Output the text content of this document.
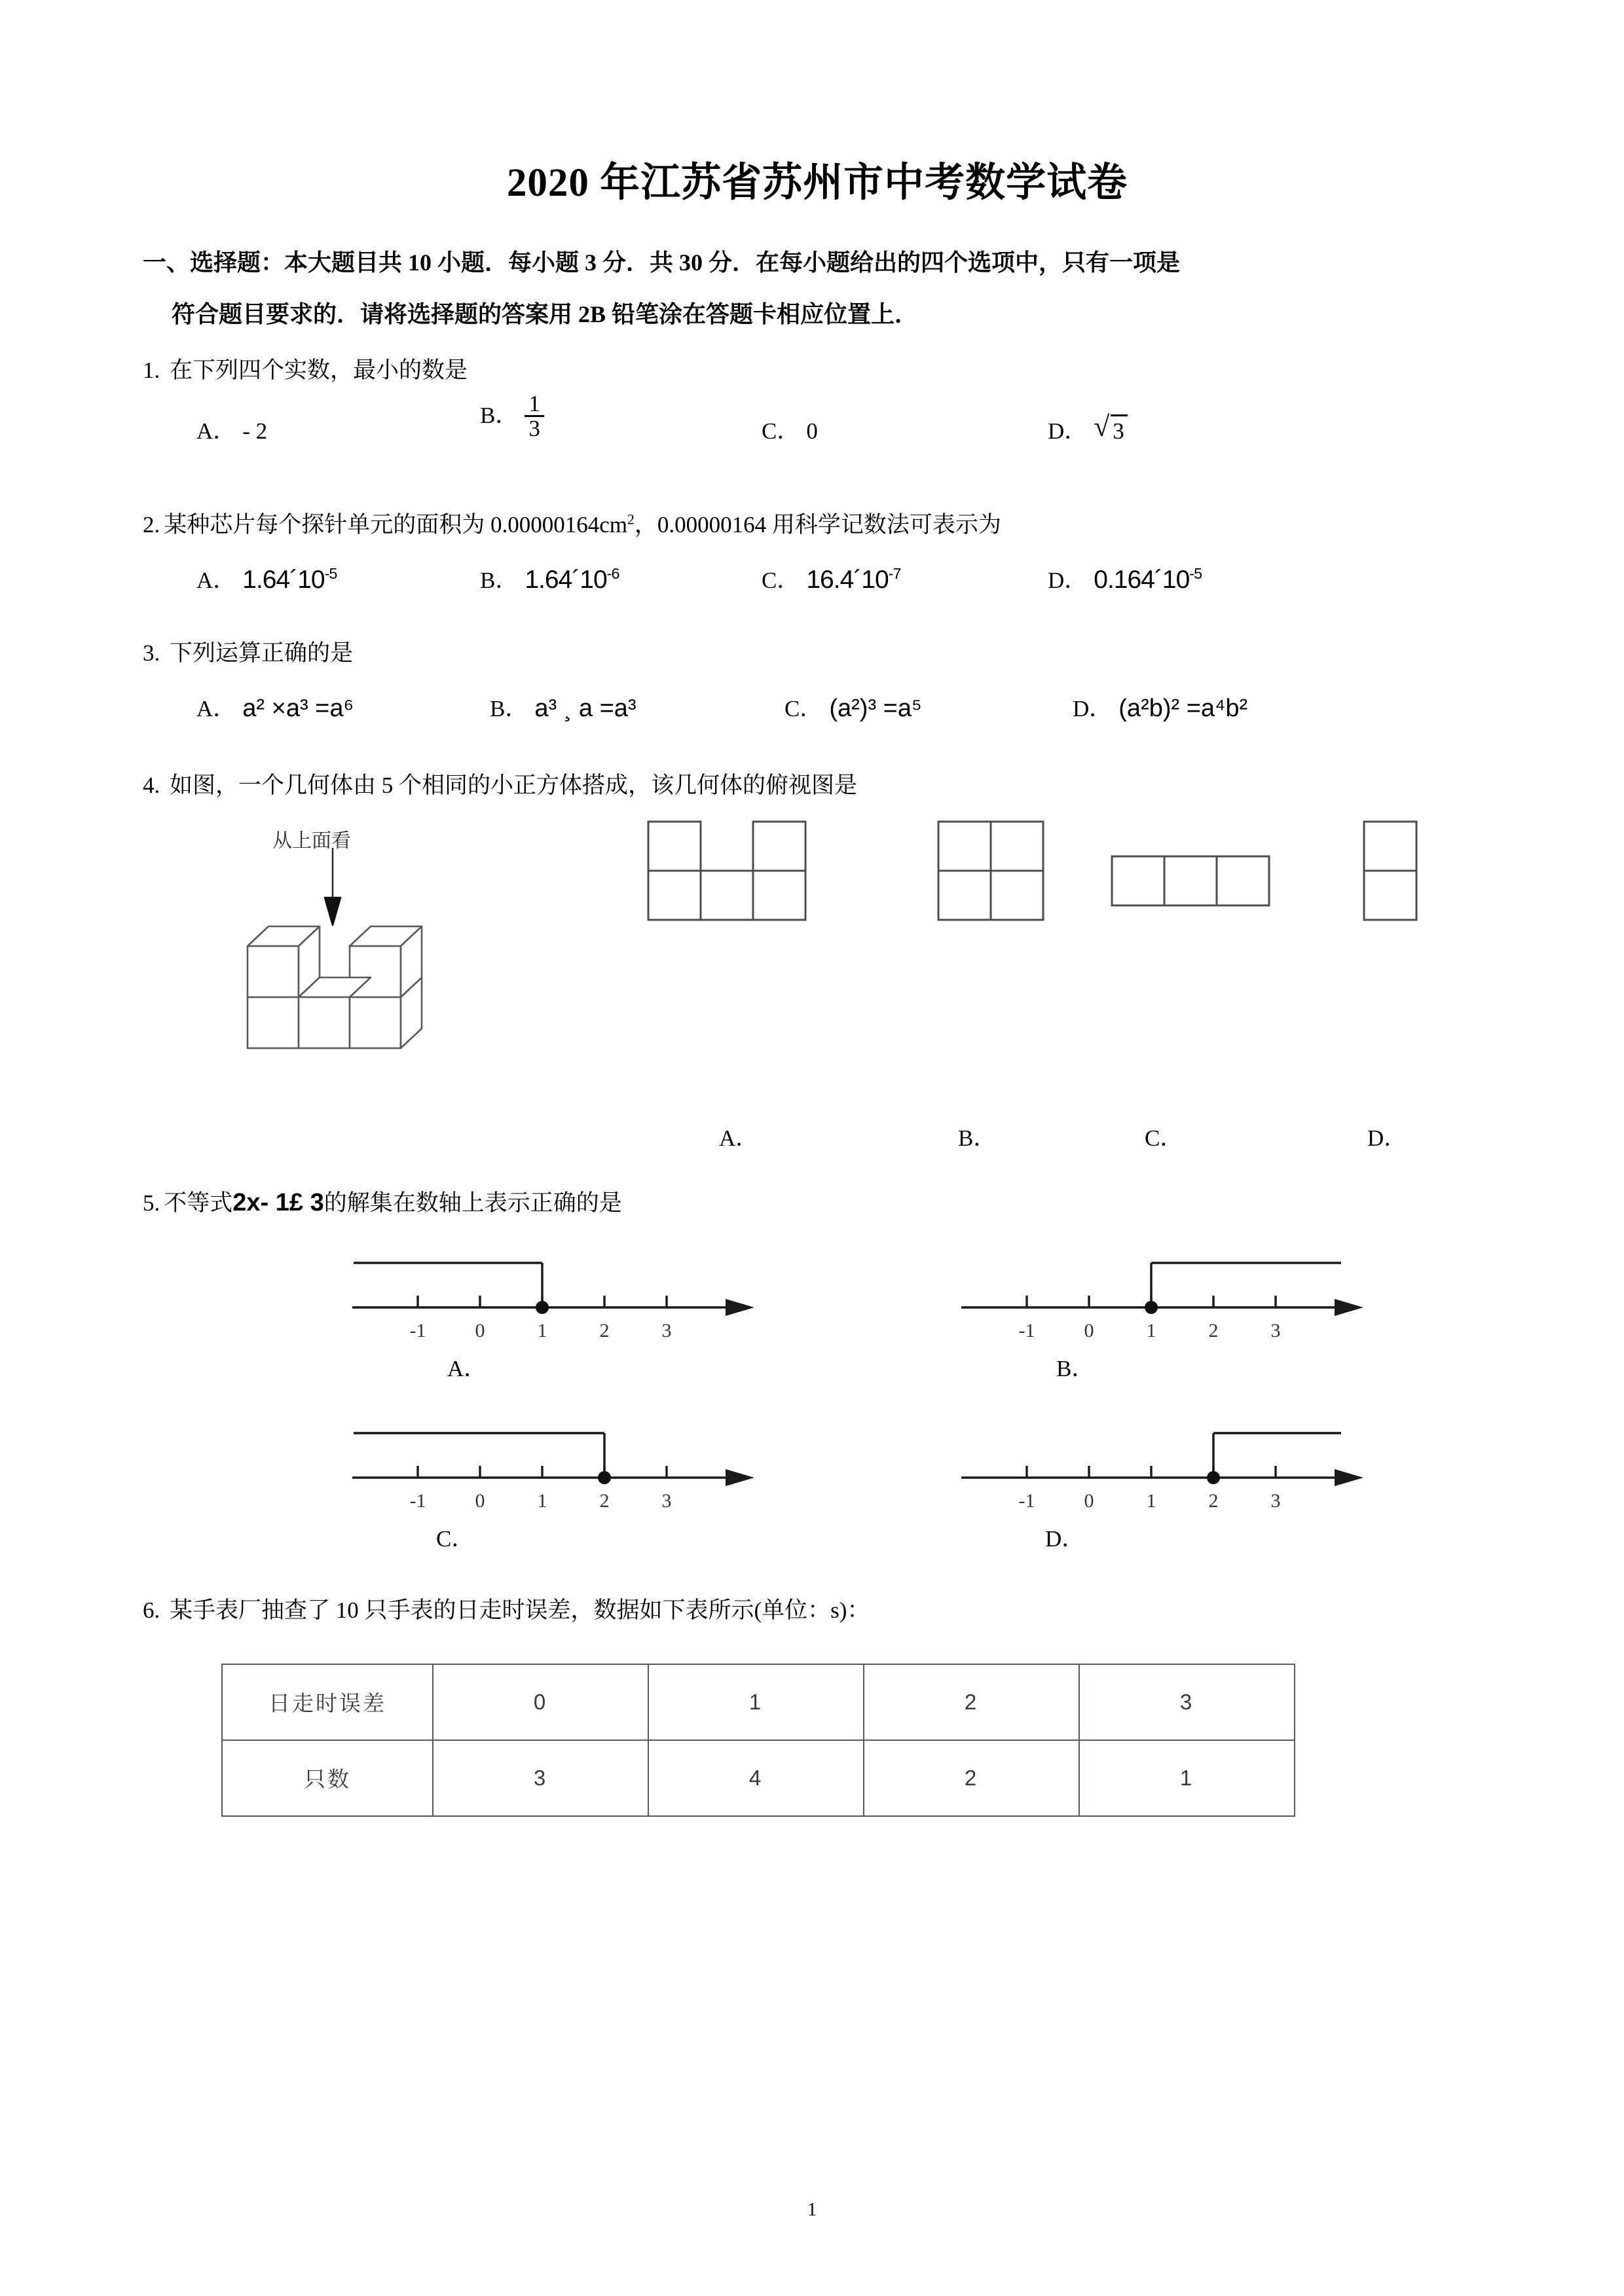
2020 年江苏省苏州市中考数学试卷
一、选择题：本大题目共 10 小题．每小题 3 分．共 30 分．在每小题给出的四个选项中，只有一项是
符合题目要求的．请将选择题的答案用 2B 铅笔涂在答题卡相应位置上．
1. 在下列四个实数，最小的数是
A． - 2
B． $\frac{1}{3}$	C． 0	D． √ 3
2. 某种芯片每个探针单元的面积为 $0.00000164cm^2$，0.00000164 用科学记数法可表示为
A． $1.64´10^{-5}$	B． $1.64´10^{-6}$	C． $16.4´10^{-7}$	D． $0.164´10^{-5}$
3. 下列运算正确的是
A． a² ×a³ =a⁶	B． a³ ¸ a =a³	C． (a²)³ =a⁵	D． (a²b)² =a⁴b²
4. 如图，一个几何体由 5 个相同的小正方体搭成，该几何体的俯视图是
从上面看
A．	B．	C．	D．
5. 不等式2x- 1£ 3的解集在数轴上表示正确的是
-1	0	1	2	3	-1	0	1	2	3
A．	B．
-1	0	1	2	3	-1	0	1	2	3
C．	D．
6. 某手表厂抽查了 10 只手表的日走时误差，数据如下表所示(单位：s)：
日走时误差	0	1	2	3
只数	3	4	2	1
1
